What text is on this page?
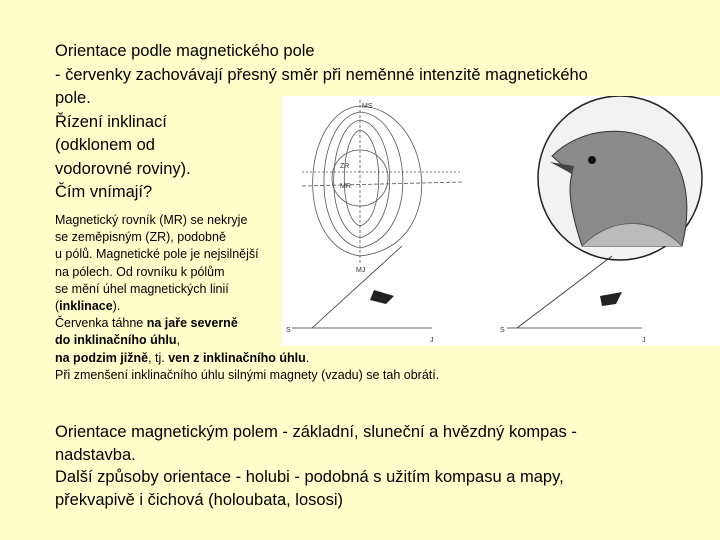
MS
ZR
MR
MJ
S
J
S
J
Orientace podle magnetického pole
- červenky zachovávají přesný směr při neměnné intenzitě magnetického
pole.
Řízení inklinací
(odklonem od
vodorovné roviny).
Čím vnímají?
Magnetický rovník (MR) se nekryje
se zeměpisným (ZR), podobně
u pólů. Magnetické pole je nejsilnější
na pólech. Od rovníku k pólům
se mění úhel magnetických linií
(inklinace).
Červenka táhne na jaře severně
do inklinačního úhlu,
na podzim jižně, tj. ven z inklinačního úhlu.
Při zmenšení inklinačního úhlu silnými magnety (vzadu) se tah obrátí.
Orientace magnetickým polem - základní, sluneční a hvězdný kompas -
nadstavba.
Další způsoby orientace - holubi - podobná s užitím kompasu a mapy,
překvapivě i čichová (holoubata, lososi)
